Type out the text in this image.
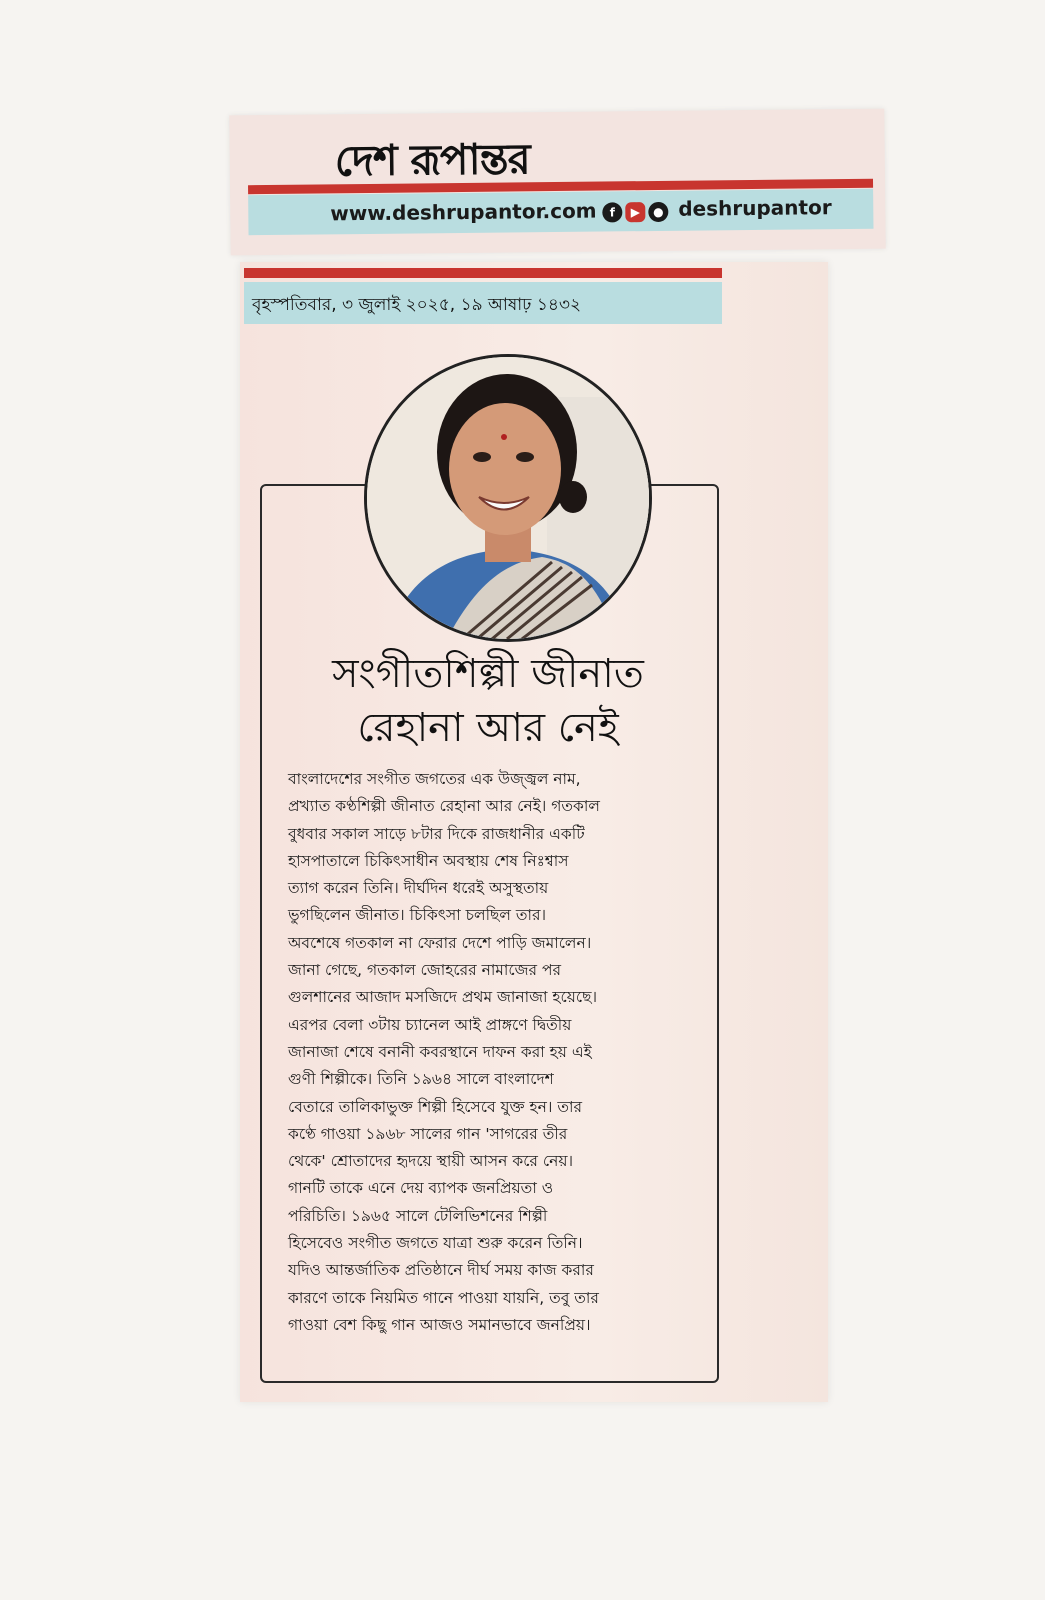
দেশ রূপান্তর
www.deshrupantor.com	f	▶	● deshrupantor
বৃহস্পতিবার, ৩ জুলাই ২০২৫, ১৯ আষাঢ় ১৪৩২
সংগীতশিল্পী জীনাত
রেহানা আর নেই
বাংলাদেশের সংগীত জগতের এক উজ্জ্বল নাম,
প্রখ্যাত কণ্ঠশিল্পী জীনাত রেহানা আর নেই। গতকাল
বুধবার সকাল সাড়ে ৮টার দিকে রাজধানীর একটি
হাসপাতালে চিকিৎসাধীন অবস্থায় শেষ নিঃশ্বাস
ত্যাগ করেন তিনি। দীর্ঘদিন ধরেই অসুস্থতায়
ভুগছিলেন জীনাত। চিকিৎসা চলছিল তার।
অবশেষে গতকাল না ফেরার দেশে পাড়ি জমালেন।
জানা গেছে, গতকাল জোহরের নামাজের পর
গুলশানের আজাদ মসজিদে প্রথম জানাজা হয়েছে।
এরপর বেলা ৩টায় চ্যানেল আই প্রাঙ্গণে দ্বিতীয়
জানাজা শেষে বনানী কবরস্থানে দাফন করা হয় এই
গুণী শিল্পীকে। তিনি ১৯৬৪ সালে বাংলাদেশ
বেতারে তালিকাভুক্ত শিল্পী হিসেবে যুক্ত হন। তার
কণ্ঠে গাওয়া ১৯৬৮ সালের গান 'সাগরের তীর
থেকে' শ্রোতাদের হৃদয়ে স্থায়ী আসন করে নেয়।
গানটি তাকে এনে দেয় ব্যাপক জনপ্রিয়তা ও
পরিচিতি। ১৯৬৫ সালে টেলিভিশনের শিল্পী
হিসেবেও সংগীত জগতে যাত্রা শুরু করেন তিনি।
যদিও আন্তর্জাতিক প্রতিষ্ঠানে দীর্ঘ সময় কাজ করার
কারণে তাকে নিয়মিত গানে পাওয়া যায়নি, তবু তার
গাওয়া বেশ কিছু গান আজও সমানভাবে জনপ্রিয়।
